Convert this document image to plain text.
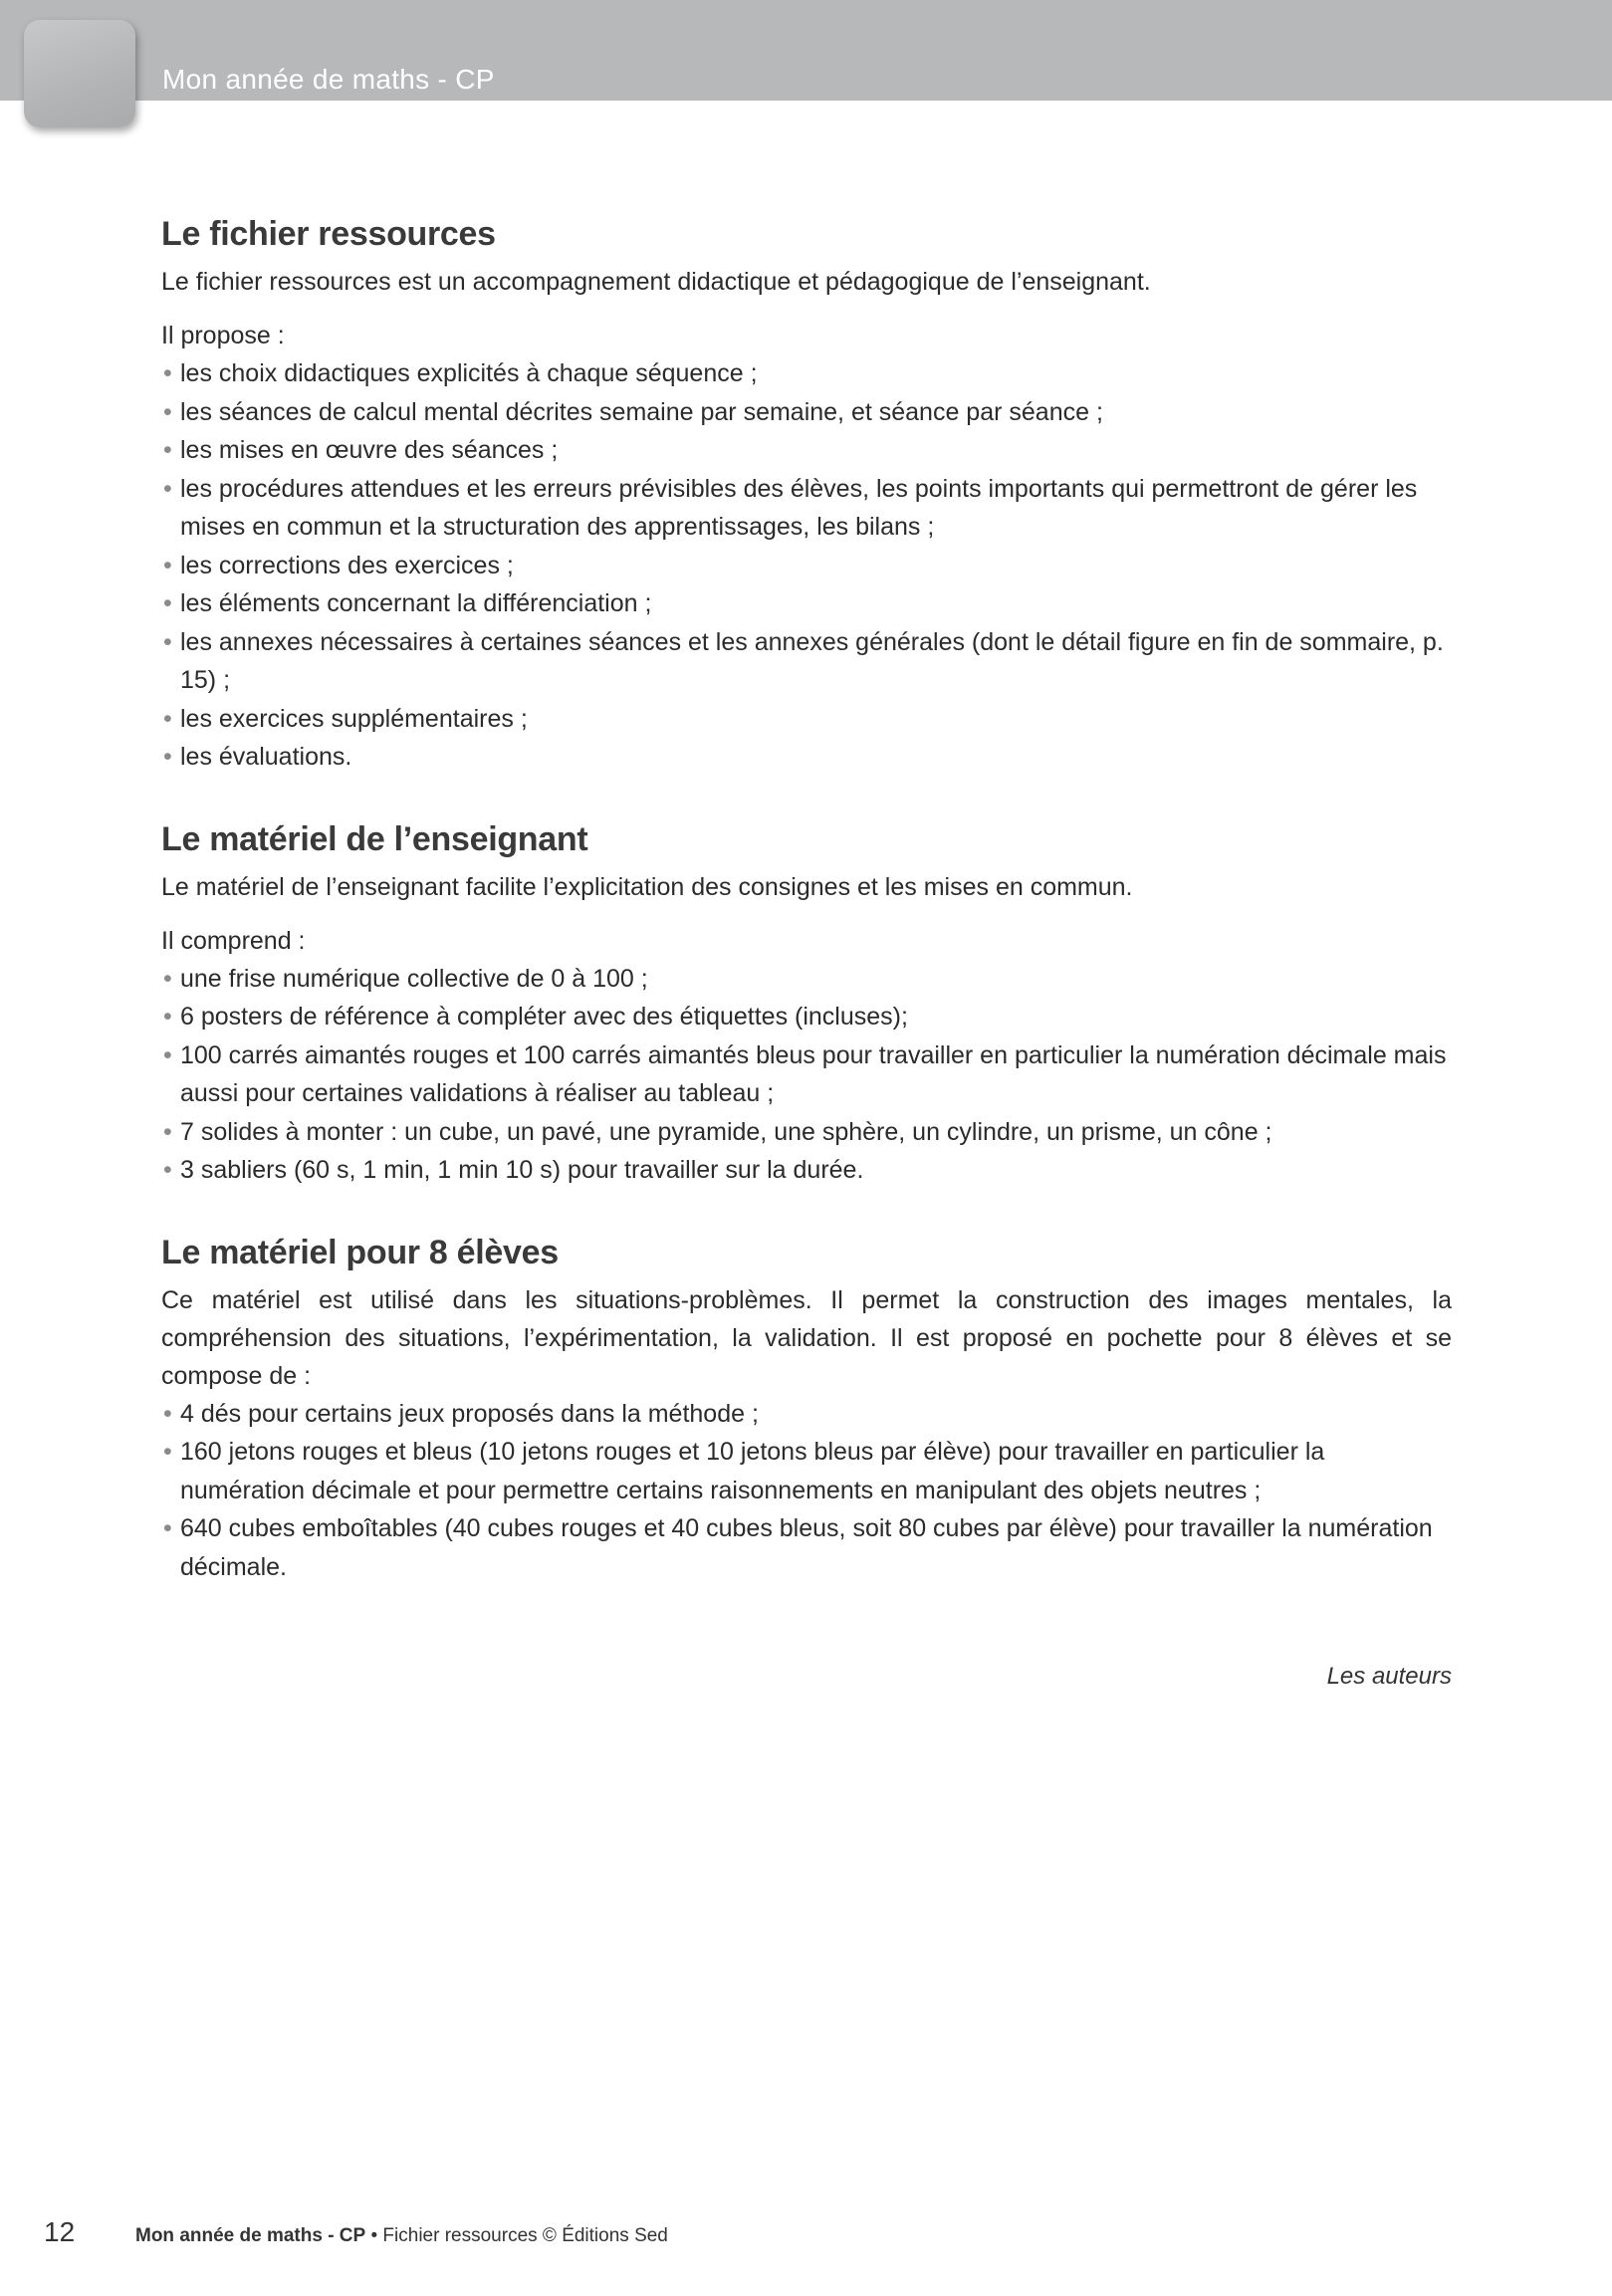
Mon année de maths - CP
Le fichier ressources

Le fichier ressources est un accompagnement didactique et pédagogique de l’enseignant.

Il propose :

• les choix didactiques explicités à chaque séquence ;
• les séances de calcul mental décrites semaine par semaine, et séance par séance ;
• les mises en œuvre des séances ;
• les procédures attendues et les erreurs prévisibles des élèves, les points importants qui permettront de gérer les mises en commun et la structuration des apprentissages, les bilans ;
• les corrections des exercices ;
• les éléments concernant la différenciation ;
• les annexes nécessaires à certaines séances et les annexes générales (dont le détail figure en fin de sommaire, p. 15) ;
• les exercices supplémentaires ;
• les évaluations.
Le matériel de l’enseignant

Le matériel de l’enseignant facilite l’explicitation des consignes et les mises en commun.

Il comprend :

• une frise numérique collective de 0 à 100 ;
• 6 posters de référence à compléter avec des étiquettes (incluses);
• 100 carrés aimantés rouges et 100 carrés aimantés bleus pour travailler en particulier la numération décimale mais aussi pour certaines validations à réaliser au tableau ;
• 7 solides à monter : un cube, un pavé, une pyramide, une sphère, un cylindre, un prisme, un cône ;
• 3 sabliers (60 s, 1 min, 1 min 10 s) pour travailler sur la durée.
Le matériel pour 8 élèves

Ce matériel est utilisé dans les situations-problèmes. Il permet la construction des images mentales, la compréhension des situations, l’expérimentation, la validation. Il est proposé en pochette pour 8 élèves et se compose de :

• 4 dés pour certains jeux proposés dans la méthode ;
• 160 jetons rouges et bleus (10 jetons rouges et 10 jetons bleus par élève) pour travailler en particulier la numération décimale et pour permettre certains raisonnements en manipulant des objets neutres ;
• 640 cubes emboîtables (40 cubes rouges et 40 cubes bleus, soit 80 cubes par élève) pour travailler la numération décimale.
Les auteurs
12	Mon année de maths - CP • Fichier ressources © Éditions Sed
